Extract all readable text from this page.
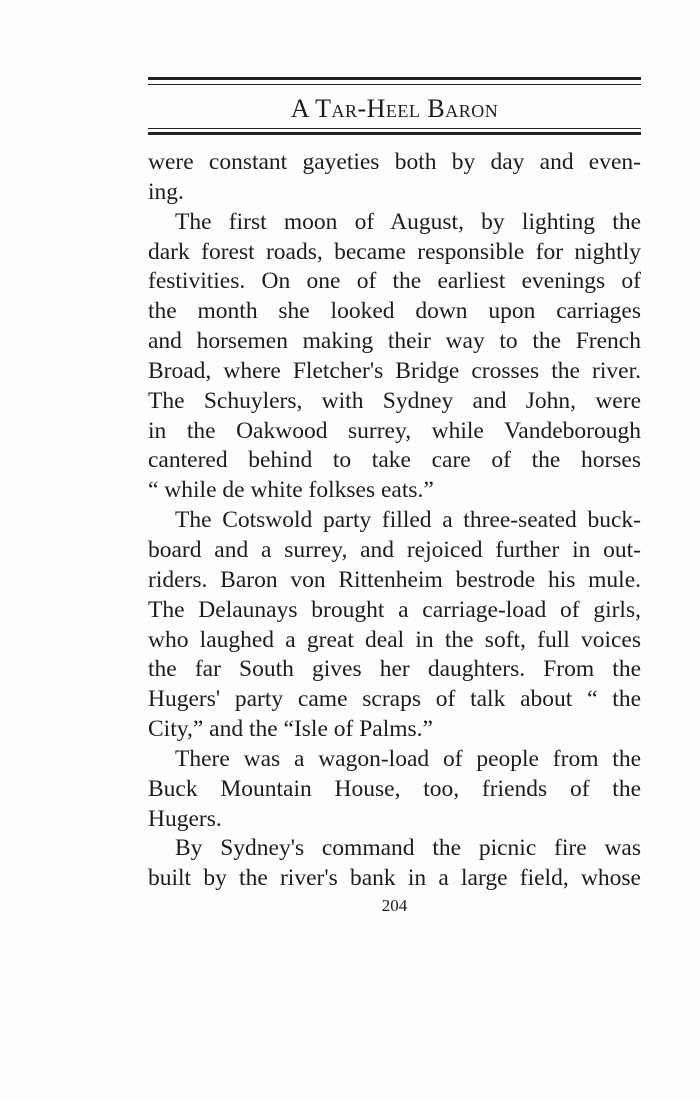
A Tar-Heel Baron
were constant gayeties both by day and even-
ing.
The first moon of August, by lighting the
dark forest roads, became responsible for nightly
festivities. On one of the earliest evenings of
the month she looked down upon carriages
and horsemen making their way to the French
Broad, where Fletcher's Bridge crosses the river.
The Schuylers, with Sydney and John, were
in the Oakwood surrey, while Vandeborough
cantered behind to take care of the horses
“ while de white folkses eats.”
The Cotswold party filled a three-seated buck-
board and a surrey, and rejoiced further in out-
riders. Baron von Rittenheim bestrode his mule.
The Delaunays brought a carriage-load of girls,
who laughed a great deal in the soft, full voices
the far South gives her daughters. From the
Hugers' party came scraps of talk about “ the
City,” and the “Isle of Palms.”
There was a wagon-load of people from the
Buck Mountain House, too, friends of the
Hugers.
By Sydney's command the picnic fire was
built by the river's bank in a large field, whose
204
